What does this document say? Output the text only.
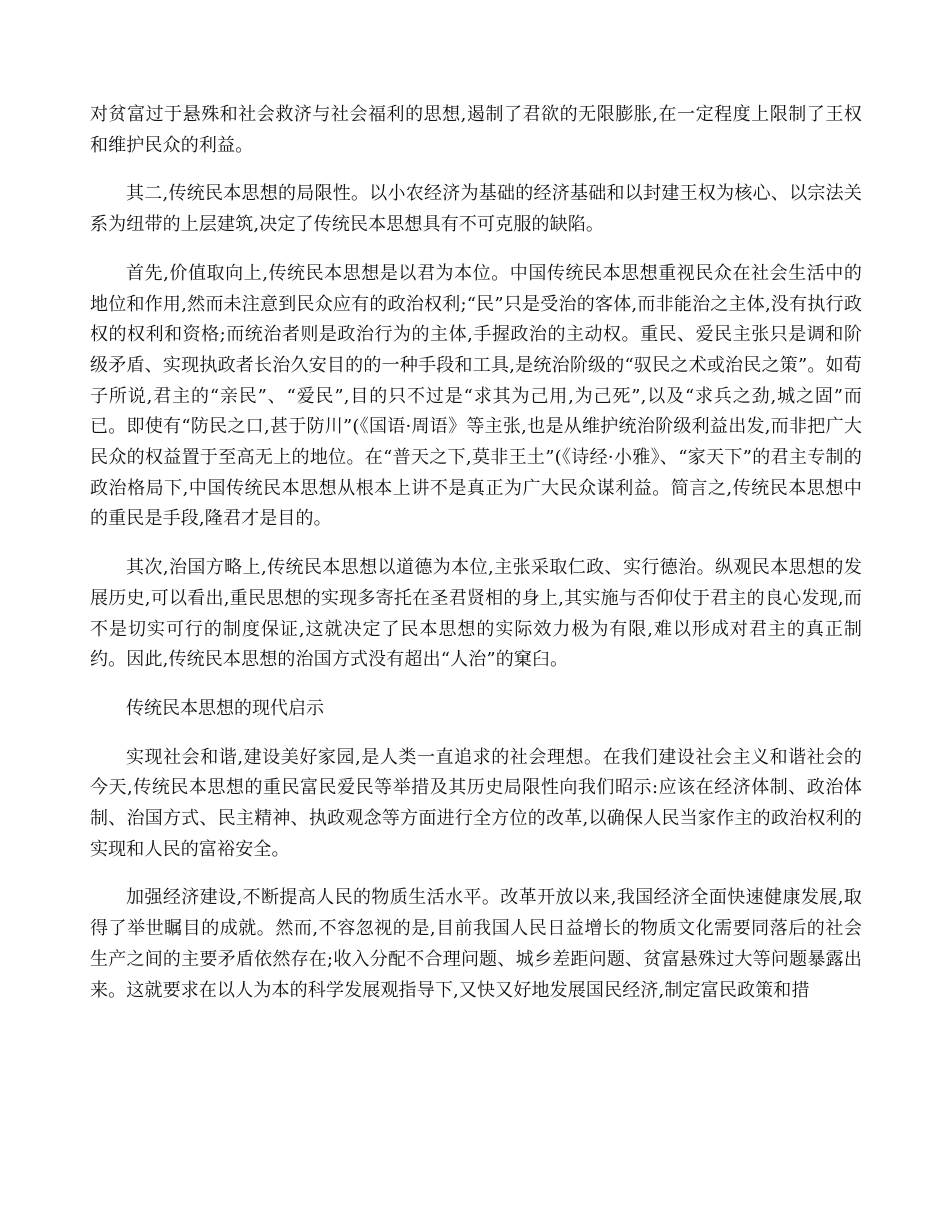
对贫富过于悬殊和社会救济与社会福利的思想,遏制了君欲的无限膨胀,在一定程度上限制了王权和维护民众的利益。

其二,传统民本思想的局限性。以小农经济为基础的经济基础和以封建王权为核心、以宗法关系为纽带的上层建筑,决定了传统民本思想具有不可克服的缺陷。

首先,价值取向上,传统民本思想是以君为本位。中国传统民本思想重视民众在社会生活中的地位和作用,然而未注意到民众应有的政治权利;“民”只是受治的客体,而非能治之主体,没有执行政权的权利和资格;而统治者则是政治行为的主体,手握政治的主动权。重民、爱民主张只是调和阶级矛盾、实现执政者长治久安目的的一种手段和工具,是统治阶级的“驭民之术或治民之策”。如荀子所说,君主的“亲民”、“爱民”,目的只不过是“求其为己用,为己死”,以及“求兵之劲,城之固”而已。即使有“防民之口,甚于防川”(《国语·周语》等主张,也是从维护统治阶级利益出发,而非把广大民众的权益置于至高无上的地位。在“普天之下,莫非王土”(《诗经·小雅》、“家天下”的君主专制的政治格局下,中国传统民本思想从根本上讲不是真正为广大民众谋利益。简言之,传统民本思想中的重民是手段,隆君才是目的。

其次,治国方略上,传统民本思想以道德为本位,主张采取仁政、实行德治。纵观民本思想的发展历史,可以看出,重民思想的实现多寄托在圣君贤相的身上,其实施与否仰仗于君主的良心发现,而不是切实可行的制度保证,这就决定了民本思想的实际效力极为有限,难以形成对君主的真正制约。因此,传统民本思想的治国方式没有超出“人治”的窠臼。

传统民本思想的现代启示

实现社会和谐,建设美好家园,是人类一直追求的社会理想。在我们建设社会主义和谐社会的今天,传统民本思想的重民富民爱民等举措及其历史局限性向我们昭示:应该在经济体制、政治体制、治国方式、民主精神、执政观念等方面进行全方位的改革,以确保人民当家作主的政治权利的实现和人民的富裕安全。

加强经济建设,不断提高人民的物质生活水平。改革开放以来,我国经济全面快速健康发展,取得了举世瞩目的成就。然而,不容忽视的是,目前我国人民日益增长的物质文化需要同落后的社会生产之间的主要矛盾依然存在;收入分配不合理问题、城乡差距问题、贫富悬殊过大等问题暴露出来。这就要求在以人为本的科学发展观指导下,又快又好地发展国民经济,制定富民政策和措
